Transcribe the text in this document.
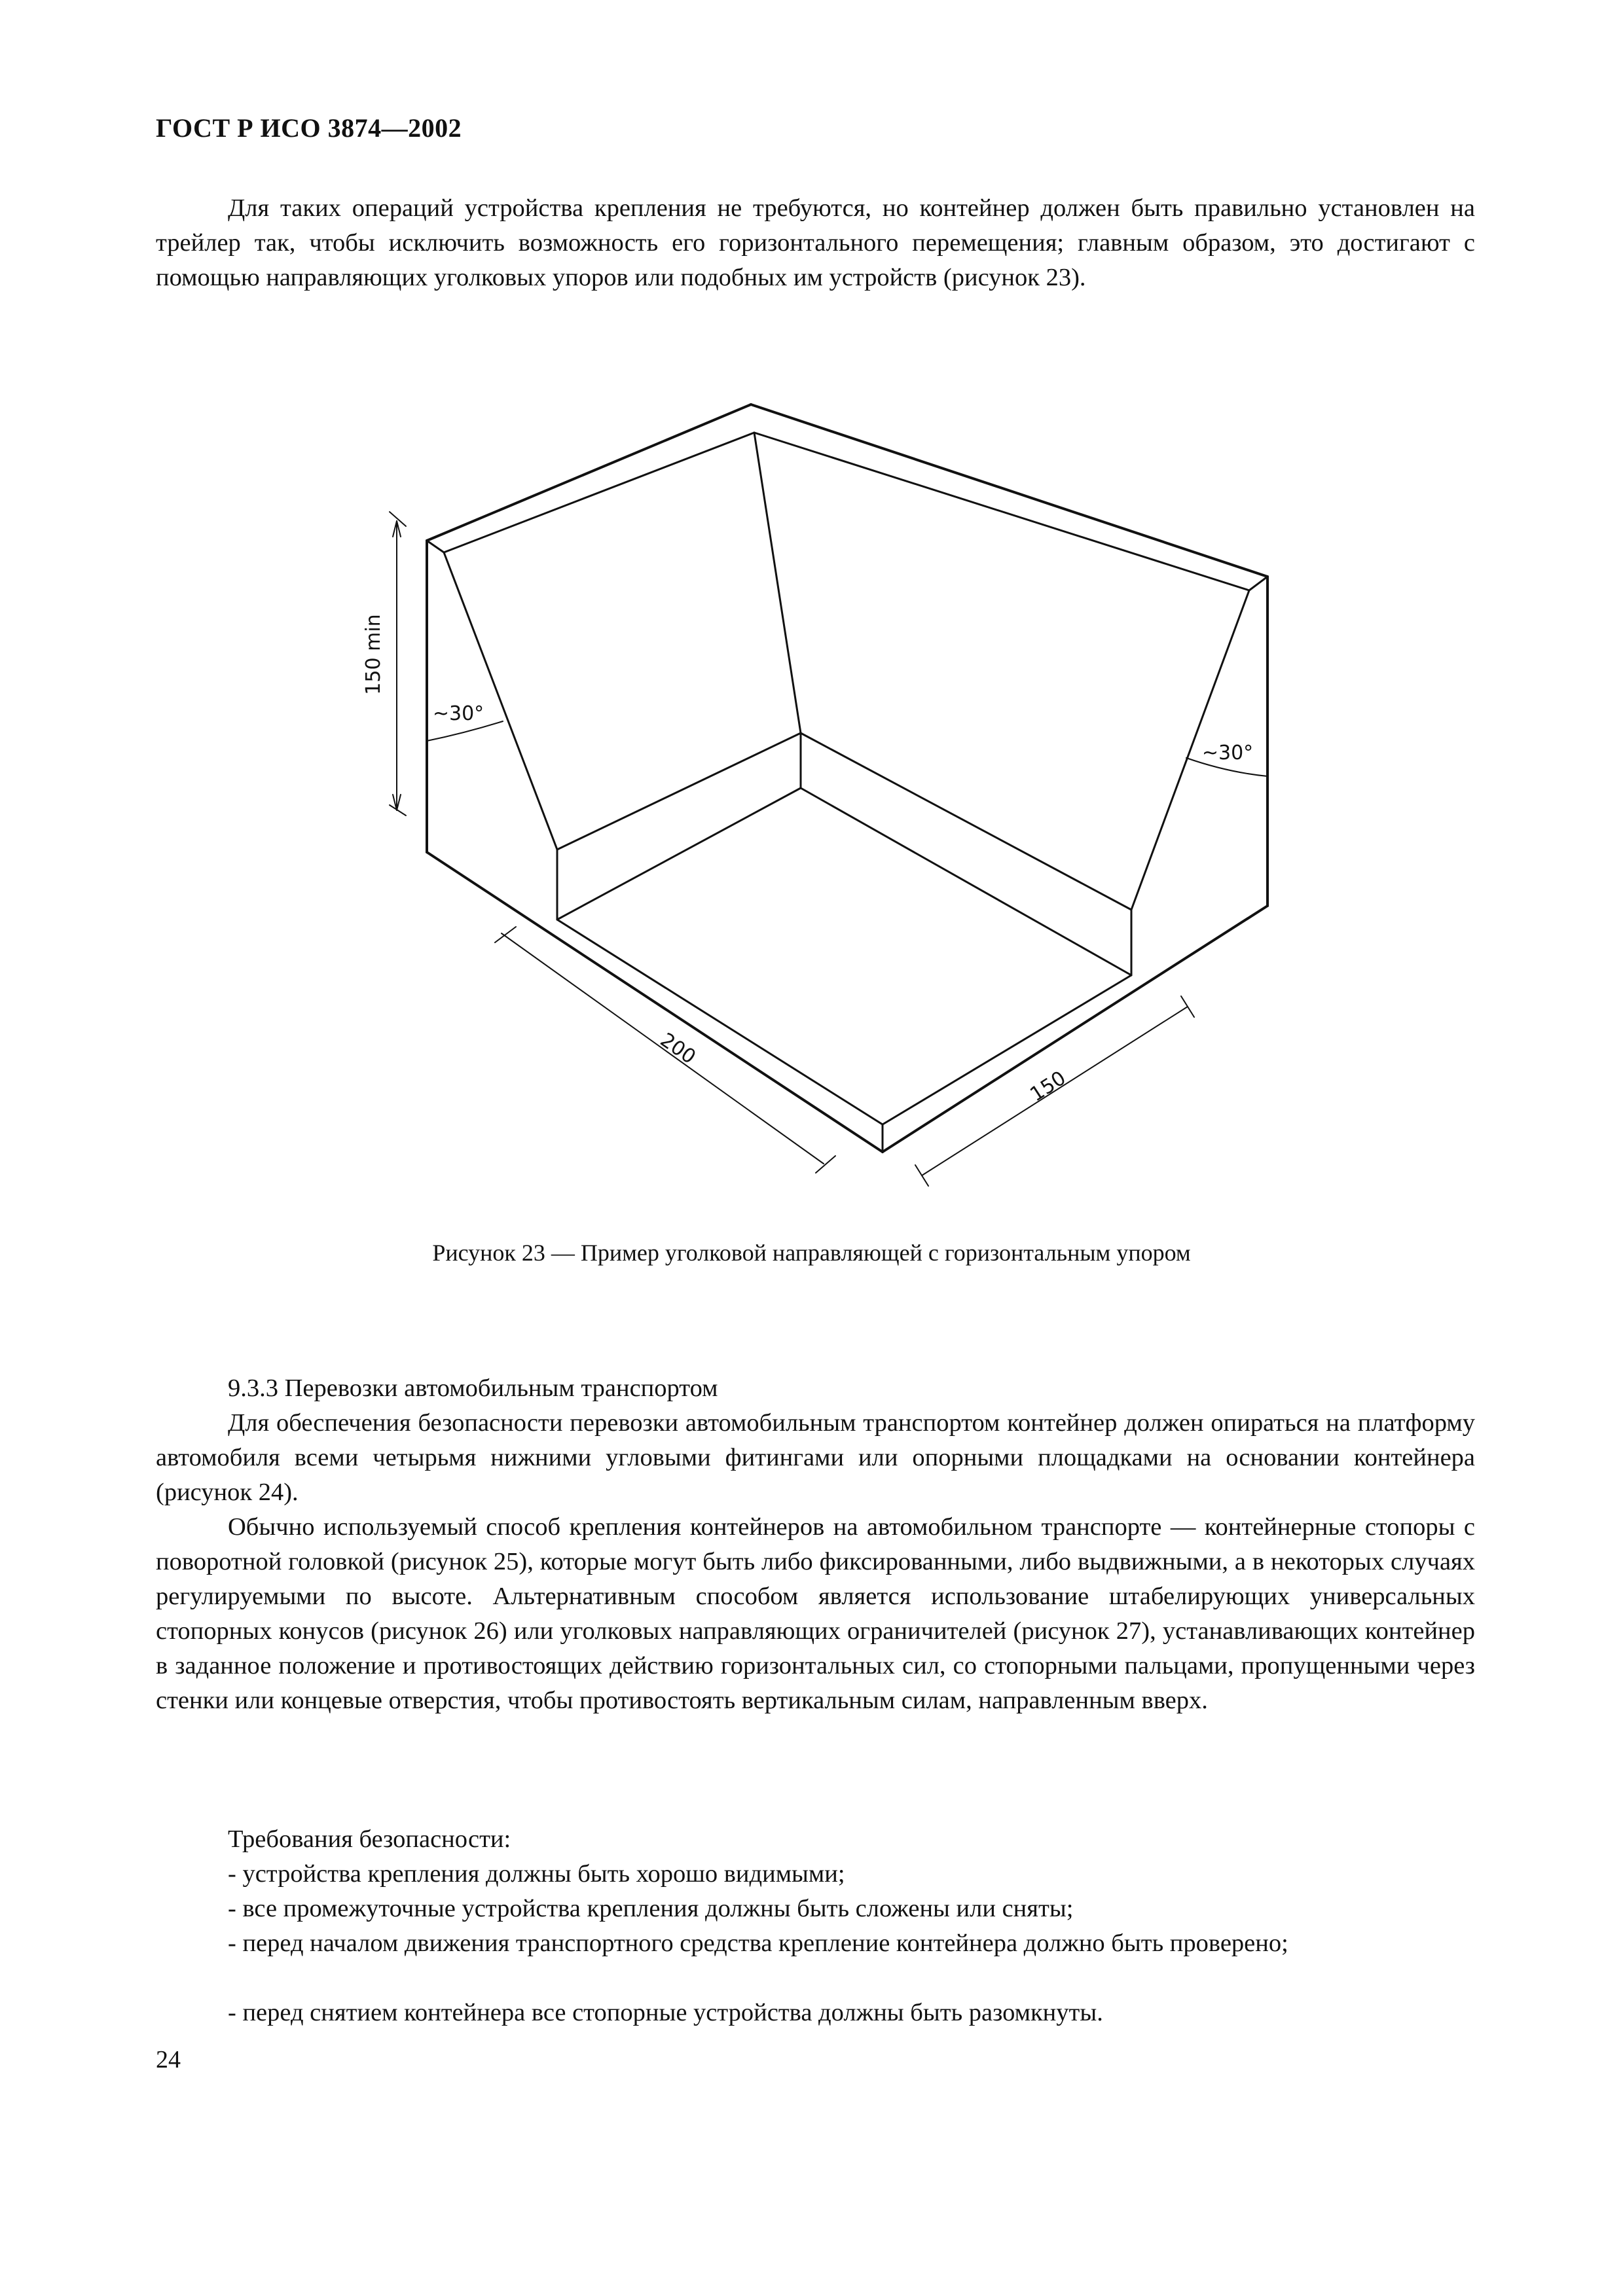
ГОСТ Р ИСО 3874—2002

Для таких операций устройства крепления не требуются, но контейнер должен быть правильно установлен на трейлер так, чтобы исключить возможность его горизонтального перемещения; главным образом, это достигают с помощью направляющих уголковых упоров или подобных им устройств (рисунок 23).

150 min
~30°
~30°
200
150
Рисунок 23 — Пример уголковой направляющей с горизонтальным упором
9.3.3 Перевозки автомобильным транспортом

Для обеспечения безопасности перевозки автомобильным транспортом контейнер должен опираться на платформу автомобиля всеми четырьмя нижними угловыми фитингами или опорными площадками на основании контейнера (рисунок 24).

Обычно используемый способ крепления контейнеров на автомобильном транспорте — контейнерные стопоры с поворотной головкой (рисунок 25), которые могут быть либо фиксированными, либо выдвижными, а в некоторых случаях регулируемыми по высоте. Альтернативным способом является использование штабелирующих универсальных стопорных конусов (рисунок 26) или уголковых направляющих ограничителей (рисунок 27), устанавливающих контейнер в заданное положение и противостоящих действию горизонтальных сил, со стопорными пальцами, пропущенными через стенки или концевые отверстия, чтобы противостоять вертикальным силам, направленным вверх.

Требования безопасности:
- устройства крепления должны быть хорошо видимыми;
- все промежуточные устройства крепления должны быть сложены или сняты;

- перед началом движения транспортного средства крепление контейнера должно быть проверено;

- перед снятием контейнера все стопорные устройства должны быть разомкнуты.
24
